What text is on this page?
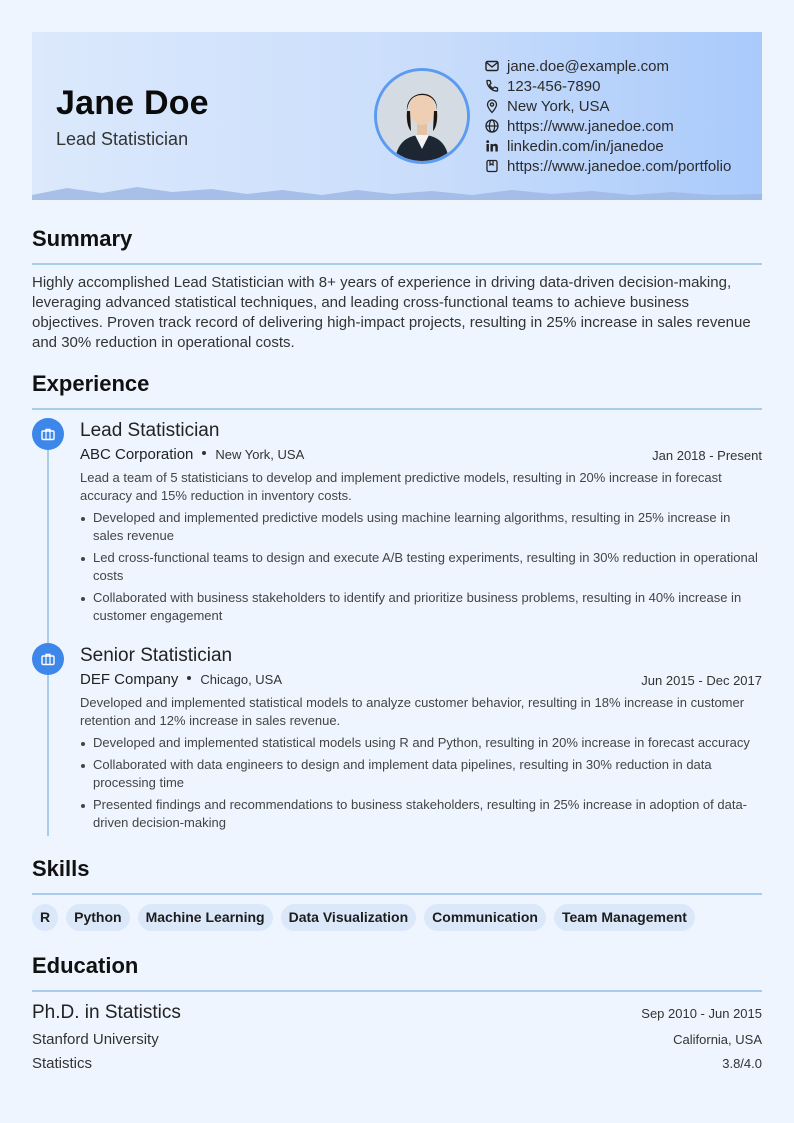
Jane Doe
Lead Statistician
jane.doe@example.com
123-456-7890
New York, USA
https://www.janedoe.com
linkedin.com/in/janedoe
https://www.janedoe.com/portfolio
Summary
Highly accomplished Lead Statistician with 8+ years of experience in driving data-driven decision-making, leveraging advanced statistical techniques, and leading cross-functional teams to achieve business objectives. Proven track record of delivering high-impact projects, resulting in 25% increase in sales revenue and 30% reduction in operational costs.
Experience
Lead Statistician
ABC Corporation New York, USA	Jan 2018 - Present
Lead a team of 5 statisticians to develop and implement predictive models, resulting in 20% increase in forecast accuracy and 15% reduction in inventory costs.
Developed and implemented predictive models using machine learning algorithms, resulting in 25% increase in sales revenue
Led cross-functional teams to design and execute A/B testing experiments, resulting in 30% reduction in operational costs
Collaborated with business stakeholders to identify and prioritize business problems, resulting in 40% increase in customer engagement
Senior Statistician
DEF Company Chicago, USA	Jun 2015 - Dec 2017
Developed and implemented statistical models to analyze customer behavior, resulting in 18% increase in customer retention and 12% increase in sales revenue.
Developed and implemented statistical models using R and Python, resulting in 20% increase in forecast accuracy
Collaborated with data engineers to design and implement data pipelines, resulting in 30% reduction in data processing time
Presented findings and recommendations to business stakeholders, resulting in 25% increase in adoption of data-driven decision-making
Skills
R	Python	Machine Learning	Data Visualization	Communication	Team Management
Education
Ph.D. in Statistics	Sep 2010 - Jun 2015
Stanford University	California, USA
Statistics	3.8/4.0
